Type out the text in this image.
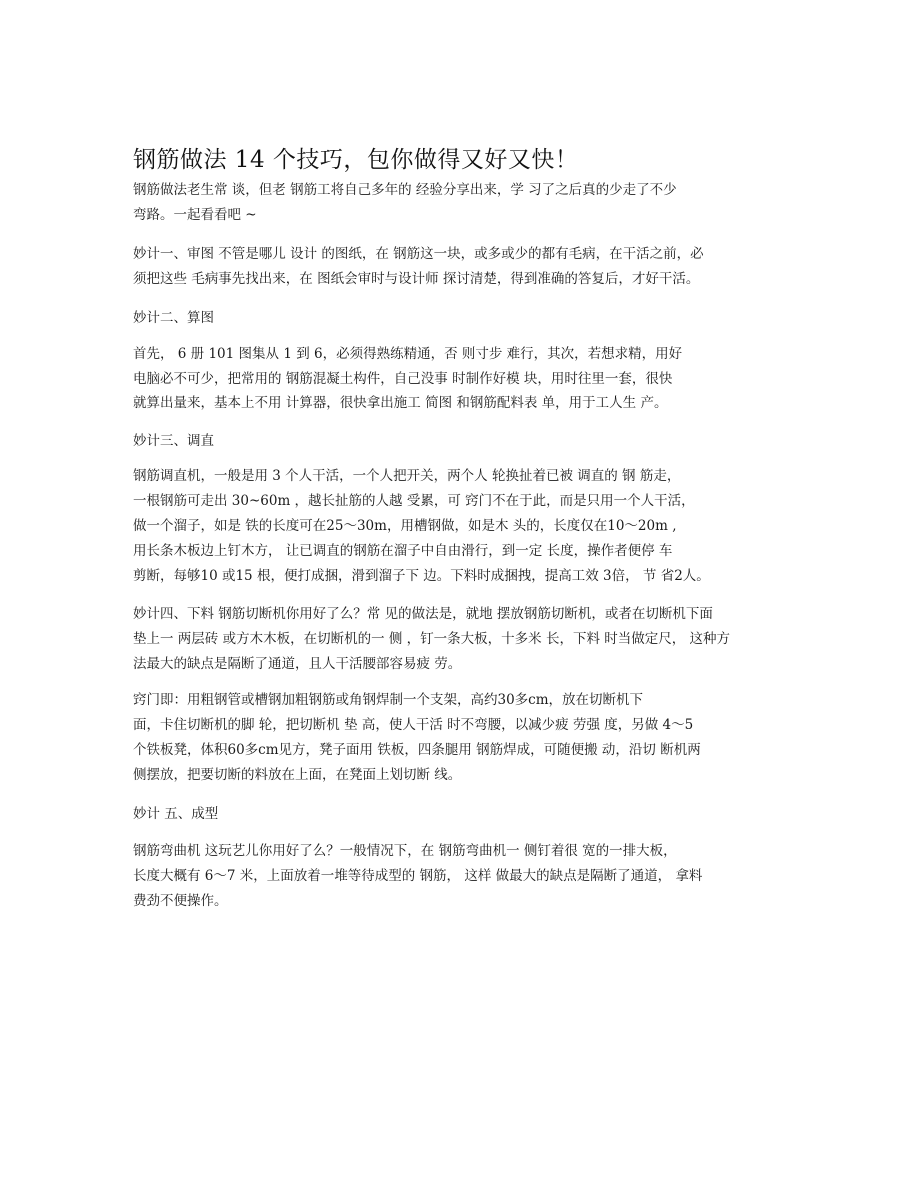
钢筋做法 14 个技巧，包你做得又好又快！
钢筋做法老生常 谈，但老 钢筋工将自己多年的 经验分享出来，学 习了之后真的少走了不少
弯路。一起看看吧 ~
妙计一、审图 不管是哪儿 设计 的图纸，在 钢筋这一块，或多或少的都有毛病，在干活之前，必
须把这些 毛病事先找出来，在 图纸会审时与设计师 探讨清楚，得到准确的答复后，才好干活。
妙计二、算图
首先， 6 册 101 图集从 1 到 6，必须得熟练精通，否 则寸步 难行，其次，若想求精，用好
电脑必不可少，把常用的 钢筋混凝土构件，自己没事 时制作好模 块，用时往里一套，很快
就算出量来，基本上不用 计算器，很快拿出施工 简图 和钢筋配料表 单，用于工人生 产。
妙计三、调直
钢筋调直机，一般是用 3 个人干活，一个人把开关，两个人 轮换扯着已被 调直的 钢 筋走，
一根钢筋可走出 30~60m ，越长扯筋的人越 受累，可 窍门不在于此，而是只用一个人干活，
做一个溜子，如是 铁的长度可在25～30m，用槽钢做，如是木 头的，长度仅在10～20m ,
用长条木板边上钉木方， 让已调直的钢筋在溜子中自由滑行，到一定 长度，操作者便停 车
剪断，每够10 或15 根，便打成捆，滑到溜子下 边。下料时成捆拽，提高工效 3倍， 节 省2人。
妙计四、下料 钢筋切断机你用好了么？常 见的做法是，就地 摆放钢筋切断机，或者在切断机下面
垫上一 两层砖 或方木木板，在切断机的一 侧 ，钉一条大板，十多米 长，下料 时当做定尺， 这种方
法最大的缺点是隔断了通道，且人干活腰部容易疲 劳。
窍门即：用粗钢管或槽钢加粗钢筋或角钢焊制一个支架，高约30多cm，放在切断机下
面，卡住切断机的脚 轮，把切断机 垫 高，使人干活 时不弯腰，以减少疲 劳强 度，另做 4～5
个铁板凳，体积60多cm见方，凳子面用 铁板，四条腿用 钢筋焊成，可随便搬 动，沿切 断机两
侧摆放，把要切断的料放在上面，在凳面上划切断 线。
妙计 五、成型
钢筋弯曲机 这玩艺儿你用好了么？一般情况下，在 钢筋弯曲机一 侧钉着很 宽的一排大板，
长度大概有 6～7 米，上面放着一堆等待成型的 钢筋， 这样 做最大的缺点是隔断了通道， 拿料
费劲不便操作。
